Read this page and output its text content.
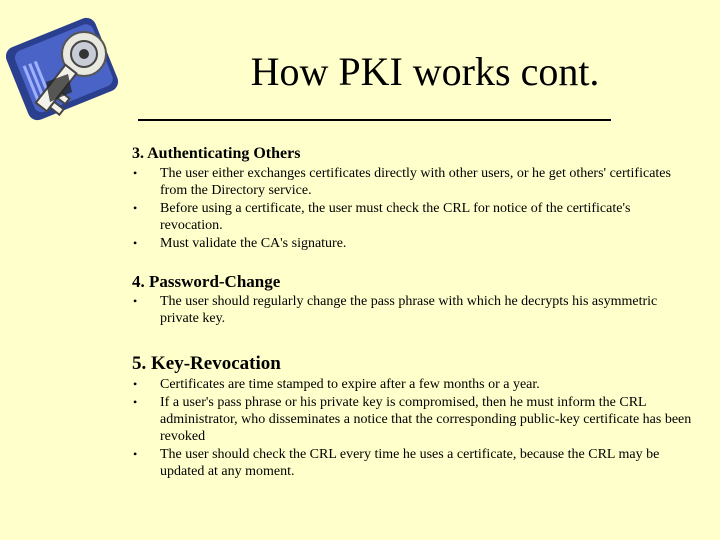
How PKI works cont.

3. Authenticating Others

• The user either exchanges certificates directly with other users, or he get others' certificates from the Directory service.
• Before using a certificate, the user must check the CRL for notice of the certificate's revocation.
• Must validate the CA's signature.

4. Password-Change

• The user should regularly change the pass phrase with which he decrypts his asymmetric private key.

5. Key-Revocation

• Certificates are time stamped to expire after a few months or a year.
• If a user's pass phrase or his private key is compromised, then he must inform the CRL administrator, who disseminates a notice that the corresponding public-key certificate has been revoked
• The user should check the CRL every time he uses a certificate, because the CRL may be updated at any moment.
